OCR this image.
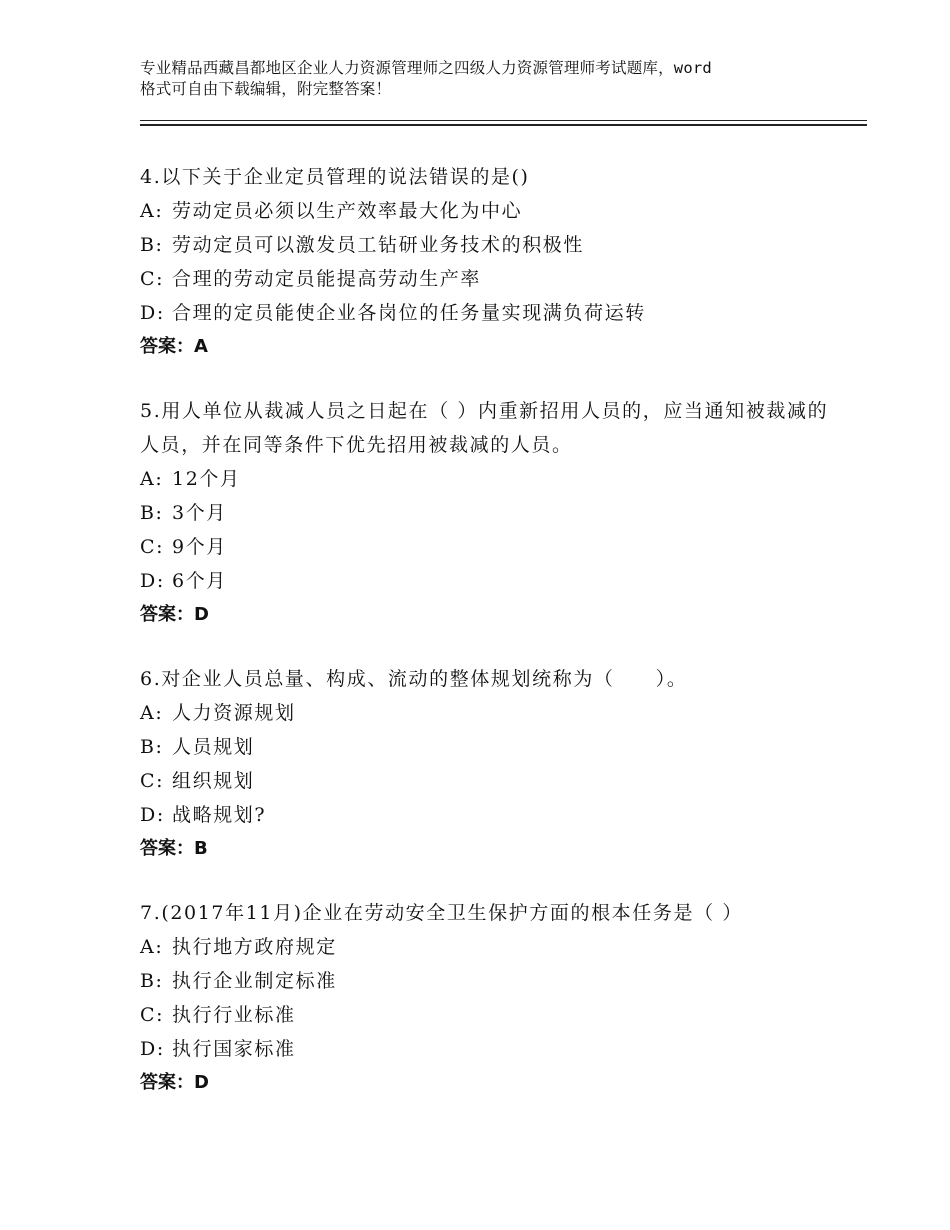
专业精品西藏昌都地区企业人力资源管理师之四级人力资源管理师考试题库，word
格式可自由下载编辑，附完整答案！
4.以下关于企业定员管理的说法错误的是()
A: 劳动定员必须以生产效率最大化为中心
B: 劳动定员可以激发员工钻研业务技术的积极性
C: 合理的劳动定员能提高劳动生产率
D: 合理的定员能使企业各岗位的任务量实现满负荷运转
答案：A
5.用人单位从裁减人员之日起在（ ）内重新招用人员的，应当通知被裁减的人员，并在同等条件下优先招用被裁减的人员。
A: 12个月
B: 3个月
C: 9个月
D: 6个月
答案：D
6.对企业人员总量、构成、流动的整体规划统称为（　　）。
A: 人力资源规划
B: 人员规划
C: 组织规划
D: 战略规划?
答案：B
7.(2017年11月)企业在劳动安全卫生保护方面的根本任务是（ ）
A: 执行地方政府规定
B: 执行企业制定标准
C: 执行行业标准
D: 执行国家标准
答案：D
